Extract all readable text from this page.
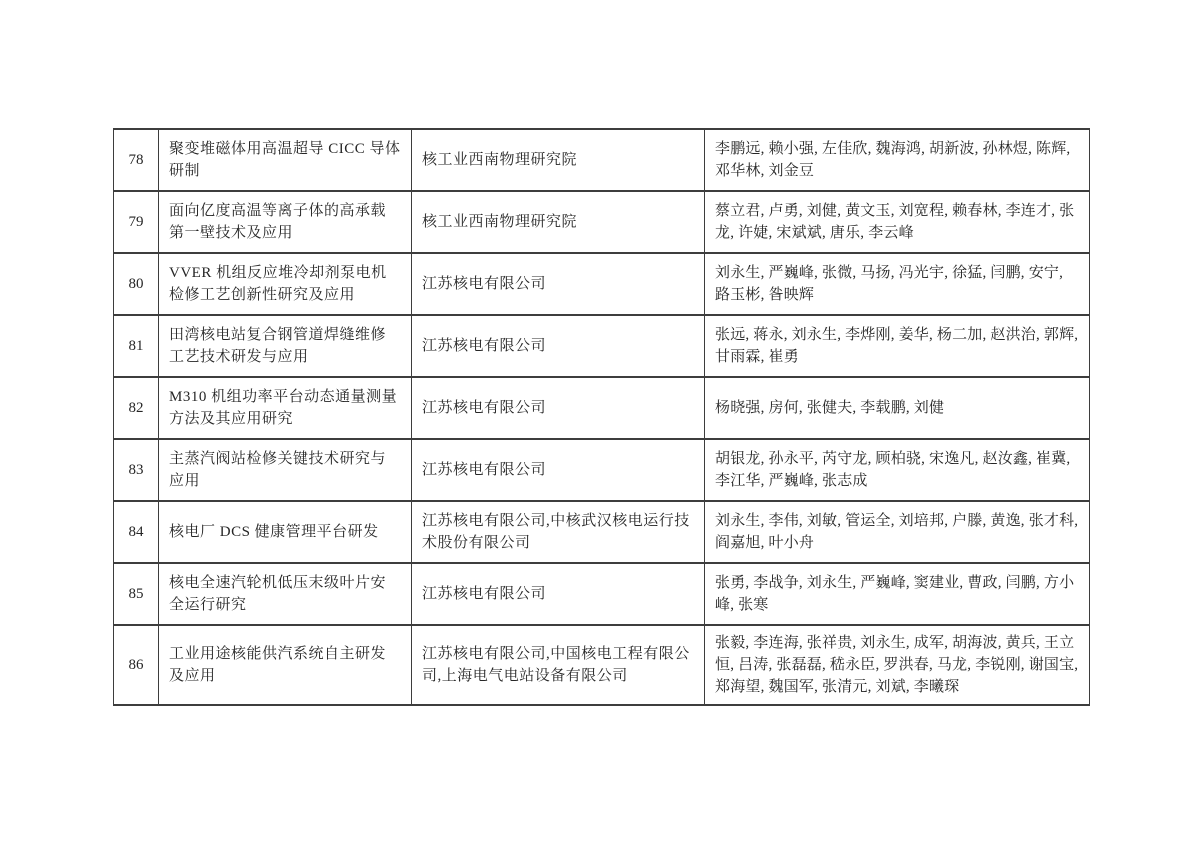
78	聚变堆磁体用高温超导 CICC 导体研制	核工业西南物理研究院	李鹏远, 赖小强, 左佳欣, 魏海鸿, 胡新波, 孙林煜, 陈辉, 邓华林, 刘金豆
79	面向亿度高温等离子体的高承载第一壁技术及应用	核工业西南物理研究院	蔡立君, 卢勇, 刘健, 黄文玉, 刘宽程, 赖春林, 李连才, 张龙, 许婕, 宋斌斌, 唐乐, 李云峰
80	VVER 机组反应堆冷却剂泵电机检修工艺创新性研究及应用	江苏核电有限公司	刘永生, 严巍峰, 张微, 马扬, 冯光宇, 徐猛, 闫鹏, 安宁, 路玉彬, 昝映辉
81	田湾核电站复合钢管道焊缝维修工艺技术研发与应用	江苏核电有限公司	张远, 蒋永, 刘永生, 李烨刚, 姜华, 杨二加, 赵洪治, 郭辉, 甘雨霖, 崔勇
82	M310 机组功率平台动态通量测量方法及其应用研究	江苏核电有限公司	杨晓强, 房何, 张健夫, 李载鹏, 刘健
83	主蒸汽阀站检修关键技术研究与应用	江苏核电有限公司	胡银龙, 孙永平, 芮守龙, 顾柏骁, 宋逸凡, 赵汝鑫, 崔冀, 李江华, 严巍峰, 张志成
84	核电厂 DCS 健康管理平台研发	江苏核电有限公司,中核武汉核电运行技术股份有限公司	刘永生, 李伟, 刘敏, 管运全, 刘培邦, 户滕, 黄逸, 张才科, 阎嘉旭, 叶小舟
85	核电全速汽轮机低压末级叶片安全运行研究	江苏核电有限公司	张勇, 李战争, 刘永生, 严巍峰, 窦建业, 曹政, 闫鹏, 方小峰, 张寒
86	工业用途核能供汽系统自主研发及应用	江苏核电有限公司,中国核电工程有限公司,上海电气电站设备有限公司	张毅, 李连海, 张祥贵, 刘永生, 成军, 胡海波, 黄兵, 王立恒, 吕涛, 张磊磊, 嵇永臣, 罗洪春, 马龙, 李锐刚, 谢国宝, 郑海望, 魏国军, 张清元, 刘斌, 李曦琛
